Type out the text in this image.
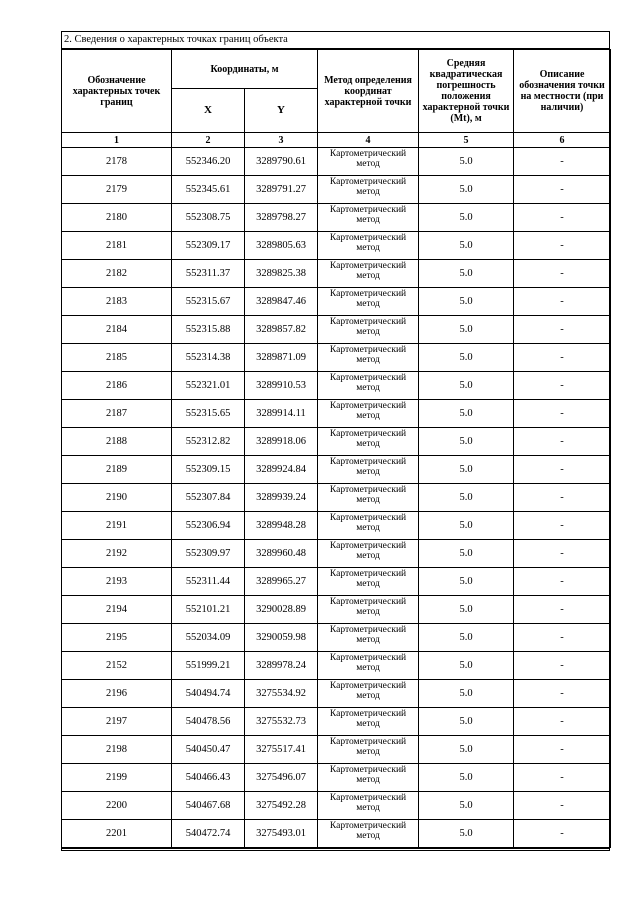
2. Сведения о характерных точках границ объекта
Обозначение характерных точек границ	Координаты, м		Метод определения координат характерной точки	Средняя квадратическая погрешность положения характерной точки (Mt), м	Описание обозначения точки на местности (при наличии)
	X	Y			
1	2	3	4	5	6
2178	552346.20	3289790.61	Картометрический метод	5.0	-
2179	552345.61	3289791.27	Картометрический метод	5.0	-
2180	552308.75	3289798.27	Картометрический метод	5.0	-
2181	552309.17	3289805.63	Картометрический метод	5.0	-
2182	552311.37	3289825.38	Картометрический метод	5.0	-
2183	552315.67	3289847.46	Картометрический метод	5.0	-
2184	552315.88	3289857.82	Картометрический метод	5.0	-
2185	552314.38	3289871.09	Картометрический метод	5.0	-
2186	552321.01	3289910.53	Картометрический метод	5.0	-
2187	552315.65	3289914.11	Картометрический метод	5.0	-
2188	552312.82	3289918.06	Картометрический метод	5.0	-
2189	552309.15	3289924.84	Картометрический метод	5.0	-
2190	552307.84	3289939.24	Картометрический метод	5.0	-
2191	552306.94	3289948.28	Картометрический метод	5.0	-
2192	552309.97	3289960.48	Картометрический метод	5.0	-
2193	552311.44	3289965.27	Картометрический метод	5.0	-
2194	552101.21	3290028.89	Картометрический метод	5.0	-
2195	552034.09	3290059.98	Картометрический метод	5.0	-
2152	551999.21	3289978.24	Картометрический метод	5.0	-
2196	540494.74	3275534.92	Картометрический метод	5.0	-
2197	540478.56	3275532.73	Картометрический метод	5.0	-
2198	540450.47	3275517.41	Картометрический метод	5.0	-
2199	540466.43	3275496.07	Картометрический метод	5.0	-
2200	540467.68	3275492.28	Картометрический метод	5.0	-
2201	540472.74	3275493.01	Картометрический метод	5.0	-
